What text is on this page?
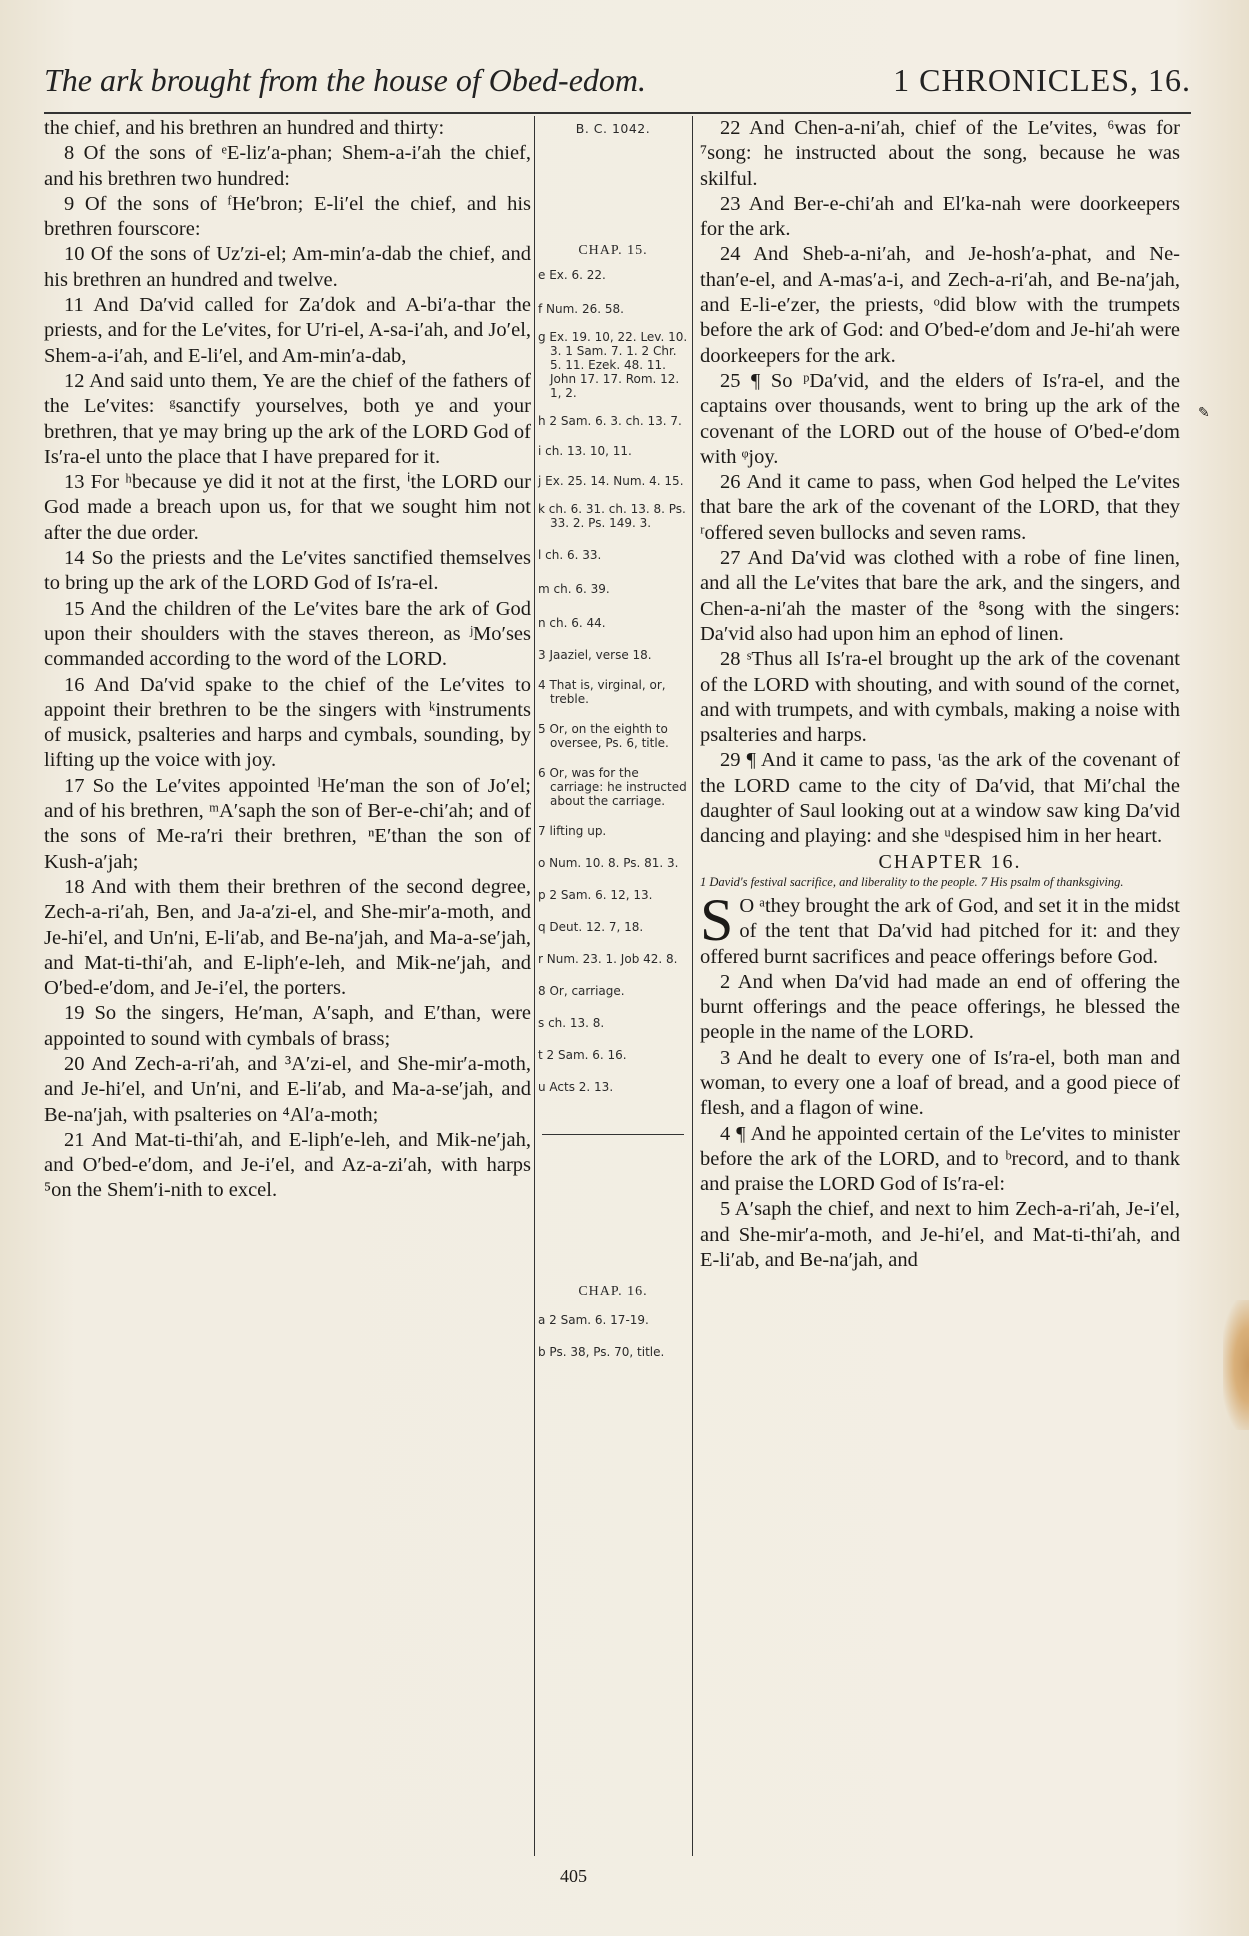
The ark brought from the house of Obed-edom.	1 CHRONICLES, 16.

the chief, and his brethren an hundred and thirty:

8 Of the sons of ᵉE-liz′a-phan; Shem-a-i′ah the chief, and his brethren two hundred:

9 Of the sons of ᶠHe′bron; E-li′el the chief, and his brethren fourscore:

10 Of the sons of Uz′zi-el; Am-min′a-dab the chief, and his brethren an hundred and twelve.

11 And Da′vid called for Za′dok and A-bi′a-thar the priests, and for the Le′vites, for U′ri-el, A-sa-i′ah, and Jo′el, Shem-a-i′ah, and E-li′el, and Am-min′a-dab,

12 And said unto them, Ye are the chief of the fathers of the Le′vites: ᵍsanctify yourselves, both ye and your brethren, that ye may bring up the ark of the LORD God of Is′ra-el unto the place that I have prepared for it.

13 For ʰbecause ye did it not at the first, ⁱthe LORD our God made a breach upon us, for that we sought him not after the due order.

14 So the priests and the Le′vites sanctified themselves to bring up the ark of the LORD God of Is′ra-el.

15 And the children of the Le′vites bare the ark of God upon their shoulders with the staves thereon, as ʲMo′ses commanded according to the word of the LORD.

16 And Da′vid spake to the chief of the Le′vites to appoint their brethren to be the singers with ᵏinstruments of musick, psalteries and harps and cymbals, sounding, by lifting up the voice with joy.

17 So the Le′vites appointed ˡHe′man the son of Jo′el; and of his brethren, ᵐA′saph the son of Ber-e-chi′ah; and of the sons of Me-ra′ri their brethren, ⁿE′than the son of Kush-a′jah;

18 And with them their brethren of the second degree, Zech-a-ri′ah, Ben, and Ja-a′zi-el, and She-mir′a-moth, and Je-hi′el, and Un′ni, E-li′ab, and Be-na′jah, and Ma-a-se′jah, and Mat-ti-thi′ah, and E-liph′e-leh, and Mik-ne′jah, and O′bed-e′dom, and Je-i′el, the porters.

19 So the singers, He′man, A′saph, and E′than, were appointed to sound with cymbals of brass;

20 And Zech-a-ri′ah, and ³A′zi-el, and She-mir′a-moth, and Je-hi′el, and Un′ni, and E-li′ab, and Ma-a-se′jah, and Be-na′jah, with psalteries on ⁴Al′a-moth;

21 And Mat-ti-thi′ah, and E-liph′e-leh, and Mik-ne′jah, and O′bed-e′dom, and Je-i′el, and Az-a-zi′ah, with harps ⁵on the Shem′i-nith to excel.

B. C. 1042.
CHAP. 15.
e Ex. 6. 22.
f Num. 26. 58.
g Ex. 19. 10, 22. Lev. 10. 3. 1 Sam. 7. 1. 2 Chr. 5. 11. Ezek. 48. 11. John 17. 17. Rom. 12. 1, 2.
h 2 Sam. 6. 3. ch. 13. 7.
i ch. 13. 10, 11.
j Ex. 25. 14. Num. 4. 15.
k ch. 6. 31. ch. 13. 8. Ps. 33. 2. Ps. 149. 3.
l ch. 6. 33.
m ch. 6. 39.
n ch. 6. 44.
3 Jaaziel, verse 18.
4 That is, virginal, or, treble.
5 Or, on the eighth to oversee, Ps. 6, title.
6 Or, was for the carriage: he instructed about the carriage.
7 lifting up.
o Num. 10. 8. Ps. 81. 3.
p 2 Sam. 6. 12, 13.
q Deut. 12. 7, 18.
r Num. 23. 1. Job 42. 8.
8 Or, carriage.
s ch. 13. 8.
t 2 Sam. 6. 16.
u Acts 2. 13.
CHAP. 16.
a 2 Sam. 6. 17-19.
b Ps. 38, Ps. 70, title.

22 And Chen-a-ni′ah, chief of the Le′vites, ⁶was for ⁷song: he instructed about the song, because he was skilful.

23 And Ber-e-chi′ah and El′ka-nah were doorkeepers for the ark.

24 And Sheb-a-ni′ah, and Je-hosh′a-phat, and Ne-than′e-el, and A-mas′a-i, and Zech-a-ri′ah, and Be-na′jah, and E-li-e′zer, the priests, ᵒdid blow with the trumpets before the ark of God: and O′bed-e′dom and Je-hi′ah were doorkeepers for the ark.

25 ¶ So ᵖDa′vid, and the elders of Is′ra-el, and the captains over thousands, went to bring up the ark of the covenant of the LORD out of the house of O′bed-e′dom with ᵠjoy.

26 And it came to pass, when God helped the Le′vites that bare the ark of the covenant of the LORD, that they ʳoffered seven bullocks and seven rams.

27 And Da′vid was clothed with a robe of fine linen, and all the Le′vites that bare the ark, and the singers, and Chen-a-ni′ah the master of the ⁸song with the singers: Da′vid also had upon him an ephod of linen.

28 ˢThus all Is′ra-el brought up the ark of the covenant of the LORD with shouting, and with sound of the cornet, and with trumpets, and with cymbals, making a noise with psalteries and harps.

29 ¶ And it came to pass, ᵗas the ark of the covenant of the LORD came to the city of Da′vid, that Mi′chal the daughter of Saul looking out at a window saw king Da′vid dancing and playing: and she ᵘdespised him in her heart.

CHAPTER 16.

1 David's festival sacrifice, and liberality to the people. 7 His psalm of thanksgiving.

S O ᵃthey brought the ark of God, and set it in the midst of the tent that Da′vid had pitched for it: and they offered burnt sacrifices and peace offerings before God.

2 And when Da′vid had made an end of offering the burnt offerings and the peace offerings, he blessed the people in the name of the LORD.

3 And he dealt to every one of Is′ra-el, both man and woman, to every one a loaf of bread, and a good piece of flesh, and a flagon of wine.

4 ¶ And he appointed certain of the Le′vites to minister before the ark of the LORD, and to ᵇrecord, and to thank and praise the LORD God of Is′ra-el:

5 A′saph the chief, and next to him Zech-a-ri′ah, Je-i′el, and She-mir′a-moth, and Je-hi′el, and Mat-ti-thi′ah, and E-li′ab, and Be-na′jah, and

✎
405
